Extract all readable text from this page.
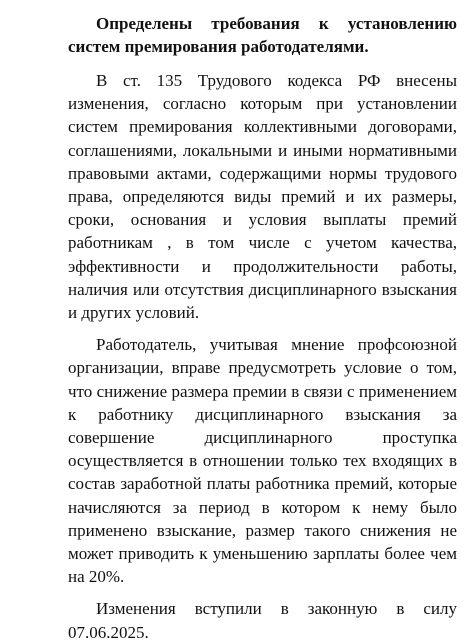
Определены требования к установлению систем премирования работодателями.

В ст. 135 Трудового кодекса РФ внесены изменения, согласно которым при установлении систем премирования коллективными договорами, соглашениями, локальными и иными нормативными правовыми актами, содержащими нормы трудового права, определяются виды премий и их размеры, сроки, основания и условия выплаты премий работникам , в том числе с учетом качества, эффективности и продолжительности работы, наличия или отсутствия дисциплинарного взыскания и других условий.

Работодатель, учитывая мнение профсоюзной организации, вправе предусмотреть условие о том, что снижение размера премии в связи с применением к работнику дисциплинарного взыскания за совершение дисциплинарного проступка осуществляется в отношении только тех входящих в состав заработной платы работника премий, которые начисляются за период в котором к нему было применено взыскание, размер такого снижения не может приводить к уменьшению зарплаты более чем на 20%.

Изменения вступили в законную в силу 07.06.2025.
